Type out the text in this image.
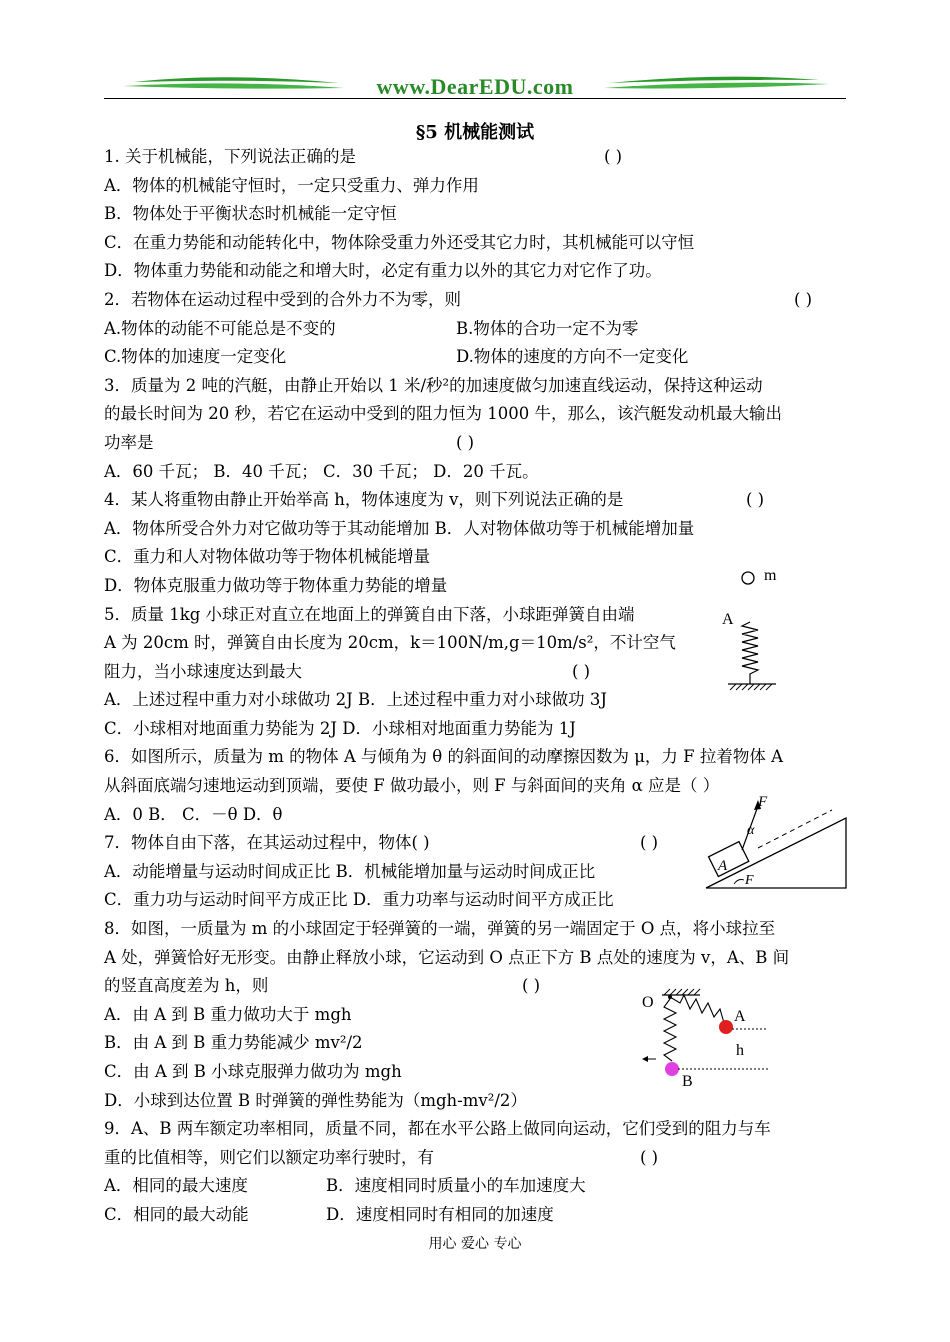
www.DearEDU.com
§5 机械能测试
1. 关于机械能，下列说法正确的是	( )
A．物体的机械能守恒时，一定只受重力、弹力作用
B．物体处于平衡状态时机械能一定守恒
C．在重力势能和动能转化中，物体除受重力外还受其它力时，其机械能可以守恒
D．物体重力势能和动能之和增大时，必定有重力以外的其它力对它作了功。
2．若物体在运动过程中受到的合外力不为零，则	( )
A.物体的动能不可能总是不变的	B.物体的合功一定不为零
C.物体的加速度一定变化	D.物体的速度的方向不一定变化
3．质量为 2 吨的汽艇，由静止开始以 1 米/秒²的加速度做匀加速直线运动，保持这种运动
的最长时间为 20 秒，若它在运动中受到的阻力恒为 1000 牛，那么，该汽艇发动机最大输出
功率是	( )
A．60 千瓦； B．40 千瓦； C．30 千瓦； D．20 千瓦。
4．某人将重物由静止开始举高 h，物体速度为 v，则下列说法正确的是	( )
A．物体所受合外力对它做功等于其动能增加 B．人对物体做功等于机械能增加量
C．重力和人对物体做功等于物体机械能增量
D．物体克服重力做功等于物体重力势能的增量
5．质量 1kg 小球正对直立在地面上的弹簧自由下落，小球距弹簧自由端
A 为 20cm 时，弹簧自由长度为 20cm，k＝100N/m,g＝10m/s²，不计空气
阻力，当小球速度达到最大	( )
A．上述过程中重力对小球做功 2J B．上述过程中重力对小球做功 3J
C．小球相对地面重力势能为 2J D．小球相对地面重力势能为 1J
6．如图所示，质量为 m 的物体 A 与倾角为 θ 的斜面间的动摩擦因数为 μ，力 F 拉着物体 A
从斜面底端匀速地运动到顶端，要使 F 做功最小，则 F 与斜面间的夹角 α 应是（ ）
A．0 B． C．－θ D．θ
7．物体自由下落，在其运动过程中，物体( )	( )
A．动能增量与运动时间成正比 B．机械能增加量与运动时间成正比
C．重力功与运动时间平方成正比 D．重力功率与运动时间平方成正比
8．如图，一质量为 m 的小球固定于轻弹簧的一端，弹簧的另一端固定于 O 点，将小球拉至
A 处，弹簧恰好无形变。由静止释放小球，它运动到 O 点正下方 B 点处的速度为 v，A、B 间
的竖直高度差为 h，则	( )
A．由 A 到 B 重力做功大于 mgh
B．由 A 到 B 重力势能减少 mv²/2
C．由 A 到 B 小球克服弹力做功为 mgh
D．小球到达位置 B 时弹簧的弹性势能为（mgh-mv²/2）
9．A、B 两车额定功率相同，质量不同，都在水平公路上做同向运动，它们受到的阻力与车
重的比值相等，则它们以额定功率行驶时，有	( )
A．相同的最大速度	B．速度相同时质量小的车加速度大
C．相同的最大动能	D．速度相同时有相同的加速度
m
A
A
F
α
F
O
A
h
B
用心 爱心 专心
